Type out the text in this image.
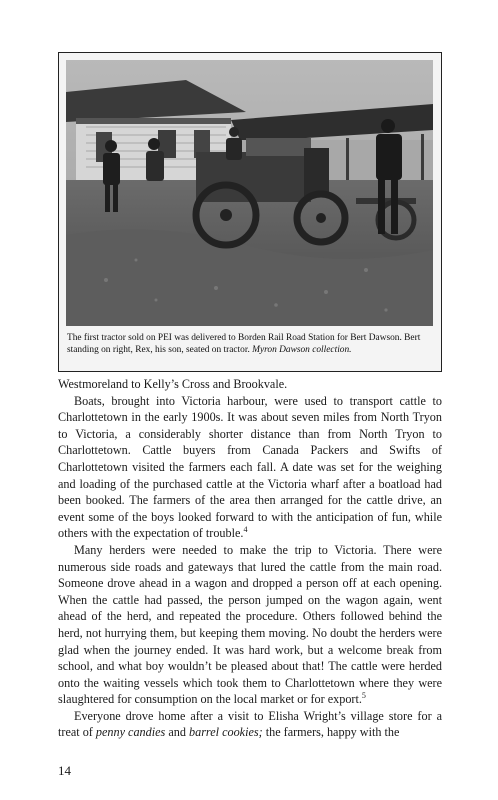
The first tractor sold on PEI was delivered to Borden Rail Road Station for Bert Dawson. Bert standing on right, Rex, his son, seated on tractor. Myron Dawson collection.

Westmoreland to Kelly’s Cross and Brookvale.

Boats, brought into Victoria harbour, were used to transport cattle to Charlottetown in the early 1900s. It was about seven miles from North Tryon to Victoria, a considerably shorter distance than from North Tryon to Charlottetown. Cattle buyers from Canada Packers and Swifts of Charlottetown visited the farmers each fall. A date was set for the weighing and loading of the purchased cattle at the Victoria wharf after a boatload had been booked. The farmers of the area then arranged for the cattle drive, an event some of the boys looked forward to with the anticipation of fun, while others with the expectation of trouble.$^4$

Many herders were needed to make the trip to Victoria. There were numerous side roads and gateways that lured the cattle from the main road. Someone drove ahead in a wagon and dropped a person off at each opening. When the cattle had passed, the person jumped on the wagon again, went ahead of the herd, and repeated the procedure. Others followed behind the herd, not hurrying them, but keeping them moving. No doubt the herders were glad when the journey ended. It was hard work, but a welcome break from school, and what boy wouldn’t be pleased about that! The cattle were herded onto the waiting vessels which took them to Charlottetown where they were slaughtered for consumption on the local market or for export.$^5$

Everyone drove home after a visit to Elisha Wright’s village store for a treat of penny candies and barrel cookies; the farmers, happy with the

14
